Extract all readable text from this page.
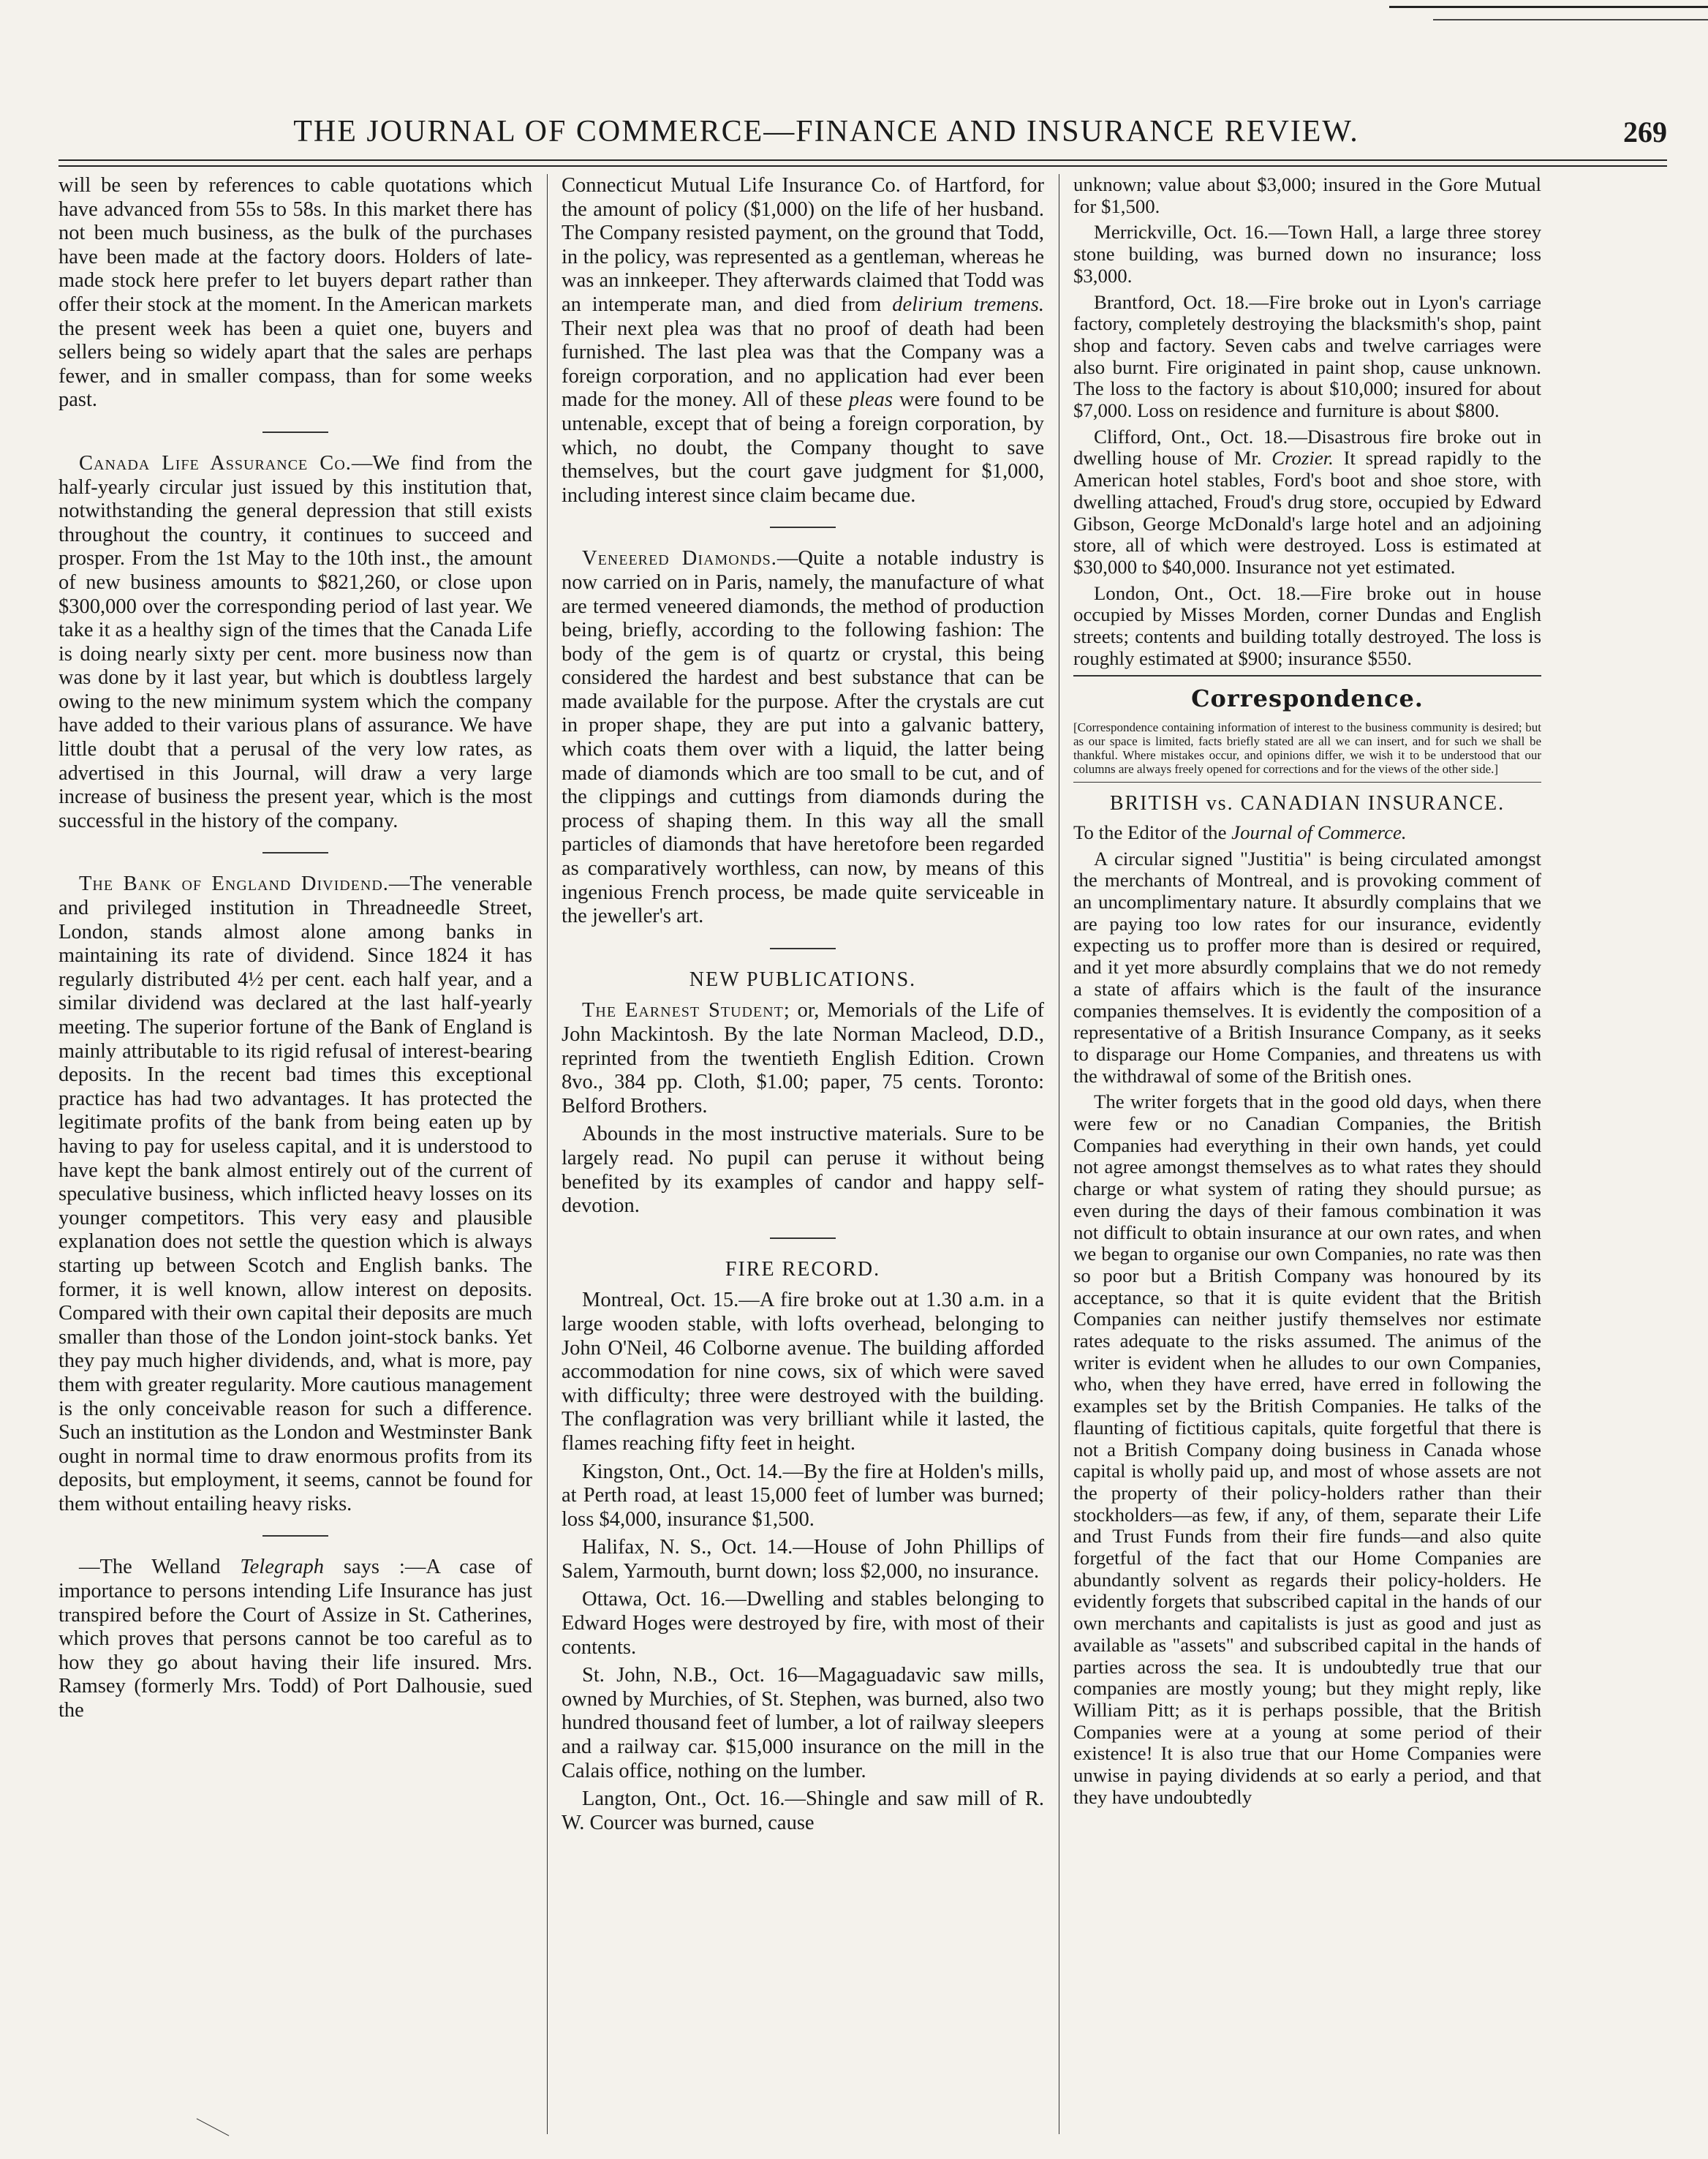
THE JOURNAL OF COMMERCE—FINANCE AND INSURANCE REVIEW.	269

will be seen by references to cable quotations which have advanced from 55s to 58s. In this market there has not been much business, as the bulk of the purchases have been made at the factory doors. Holders of late-made stock here prefer to let buyers depart rather than offer their stock at the moment. In the American markets the present week has been a quiet one, buyers and sellers being so widely apart that the sales are perhaps fewer, and in smaller compass, than for some weeks past.

Canada Life Assurance Co.—We find from the half-yearly circular just issued by this institution that, notwithstanding the general depression that still exists throughout the country, it continues to succeed and prosper. From the 1st May to the 10th inst., the amount of new business amounts to $821,260, or close upon $300,000 over the corresponding period of last year. We take it as a healthy sign of the times that the Canada Life is doing nearly sixty per cent. more business now than was done by it last year, but which is doubtless largely owing to the new minimum system which the company have added to their various plans of assurance. We have little doubt that a perusal of the very low rates, as advertised in this Journal, will draw a very large increase of business the present year, which is the most successful in the history of the company.

The Bank of England Dividend.—The venerable and privileged institution in Threadneedle Street, London, stands almost alone among banks in maintaining its rate of dividend. Since 1824 it has regularly distributed 4½ per cent. each half year, and a similar dividend was declared at the last half-yearly meeting. The superior fortune of the Bank of England is mainly attributable to its rigid refusal of interest-bearing deposits. In the recent bad times this exceptional practice has had two advantages. It has protected the legitimate profits of the bank from being eaten up by having to pay for useless capital, and it is understood to have kept the bank almost entirely out of the current of speculative business, which inflicted heavy losses on its younger competitors. This very easy and plausible explanation does not settle the question which is always starting up between Scotch and English banks. The former, it is well known, allow interest on deposits. Compared with their own capital their deposits are much smaller than those of the London joint-stock banks. Yet they pay much higher dividends, and, what is more, pay them with greater regularity. More cautious management is the only conceivable reason for such a difference. Such an institution as the London and Westminster Bank ought in normal time to draw enormous profits from its deposits, but employment, it seems, cannot be found for them without entailing heavy risks.

—The Welland Telegraph says :—A case of importance to persons intending Life Insurance has just transpired before the Court of Assize in St. Catherines, which proves that persons cannot be too careful as to how they go about having their life insured. Mrs. Ramsey (formerly Mrs. Todd) of Port Dalhousie, sued the

Connecticut Mutual Life Insurance Co. of Hartford, for the amount of policy ($1,000) on the life of her husband. The Company resisted payment, on the ground that Todd, in the policy, was represented as a gentleman, whereas he was an innkeeper. They afterwards claimed that Todd was an intemperate man, and died from delirium tremens. Their next plea was that no proof of death had been furnished. The last plea was that the Company was a foreign corporation, and no application had ever been made for the money. All of these pleas were found to be untenable, except that of being a foreign corporation, by which, no doubt, the Company thought to save themselves, but the court gave judgment for $1,000, including interest since claim became due.

Veneered Diamonds.—Quite a notable industry is now carried on in Paris, namely, the manufacture of what are termed veneered diamonds, the method of production being, briefly, according to the following fashion: The body of the gem is of quartz or crystal, this being considered the hardest and best substance that can be made available for the purpose. After the crystals are cut in proper shape, they are put into a galvanic battery, which coats them over with a liquid, the latter being made of diamonds which are too small to be cut, and of the clippings and cuttings from diamonds during the process of shaping them. In this way all the small particles of diamonds that have heretofore been regarded as comparatively worthless, can now, by means of this ingenious French process, be made quite serviceable in the jeweller's art.

NEW PUBLICATIONS.

The Earnest Student; or, Memorials of the Life of John Mackintosh. By the late Norman Macleod, D.D., reprinted from the twentieth English Edition. Crown 8vo., 384 pp. Cloth, $1.00; paper, 75 cents. Toronto: Belford Brothers.

Abounds in the most instructive materials. Sure to be largely read. No pupil can peruse it without being benefited by its examples of candor and happy self-devotion.

FIRE RECORD.

Montreal, Oct. 15.—A fire broke out at 1.30 a.m. in a large wooden stable, with lofts overhead, belonging to John O'Neil, 46 Colborne avenue. The building afforded accommodation for nine cows, six of which were saved with difficulty; three were destroyed with the building. The conflagration was very brilliant while it lasted, the flames reaching fifty feet in height.

Kingston, Ont., Oct. 14.—By the fire at Holden's mills, at Perth road, at least 15,000 feet of lumber was burned; loss $4,000, insurance $1,500.

Halifax, N. S., Oct. 14.—House of John Phillips of Salem, Yarmouth, burnt down; loss $2,000, no insurance.

Ottawa, Oct. 16.—Dwelling and stables belonging to Edward Hoges were destroyed by fire, with most of their contents.

St. John, N.B., Oct. 16—Magaguadavic saw mills, owned by Murchies, of St. Stephen, was burned, also two hundred thousand feet of lumber, a lot of railway sleepers and a railway car. $15,000 insurance on the mill in the Calais office, nothing on the lumber.

Langton, Ont., Oct. 16.—Shingle and saw mill of R. W. Courcer was burned, cause

unknown; value about $3,000; insured in the Gore Mutual for $1,500.

Merrickville, Oct. 16.—Town Hall, a large three storey stone building, was burned down no insurance; loss $3,000.

Brantford, Oct. 18.—Fire broke out in Lyon's carriage factory, completely destroying the blacksmith's shop, paint shop and factory. Seven cabs and twelve carriages were also burnt. Fire originated in paint shop, cause unknown. The loss to the factory is about $10,000; insured for about $7,000. Loss on residence and furniture is about $800.

Clifford, Ont., Oct. 18.—Disastrous fire broke out in dwelling house of Mr. Crozier. It spread rapidly to the American hotel stables, Ford's boot and shoe store, with dwelling attached, Froud's drug store, occupied by Edward Gibson, George McDonald's large hotel and an adjoining store, all of which were destroyed. Loss is estimated at $30,000 to $40,000. Insurance not yet estimated.

London, Ont., Oct. 18.—Fire broke out in house occupied by Misses Morden, corner Dundas and English streets; contents and building totally destroyed. The loss is roughly estimated at $900; insurance $550.

Correspondence.

[Correspondence containing information of interest to the business community is desired; but as our space is limited, facts briefly stated are all we can insert, and for such we shall be thankful. Where mistakes occur, and opinions differ, we wish it to be understood that our columns are always freely opened for corrections and for the views of the other side.]

BRITISH vs. CANADIAN INSURANCE.

To the Editor of the Journal of Commerce.

A circular signed "Justitia" is being circulated amongst the merchants of Montreal, and is provoking comment of an uncomplimentary nature. It absurdly complains that we are paying too low rates for our insurance, evidently expecting us to proffer more than is desired or required, and it yet more absurdly complains that we do not remedy a state of affairs which is the fault of the insurance companies themselves. It is evidently the composition of a representative of a British Insurance Company, as it seeks to disparage our Home Companies, and threatens us with the withdrawal of some of the British ones.

The writer forgets that in the good old days, when there were few or no Canadian Companies, the British Companies had everything in their own hands, yet could not agree amongst themselves as to what rates they should charge or what system of rating they should pursue; as even during the days of their famous combination it was not difficult to obtain insurance at our own rates, and when we began to organise our own Companies, no rate was then so poor but a British Company was honoured by its acceptance, so that it is quite evident that the British Companies can neither justify themselves nor estimate rates adequate to the risks assumed. The animus of the writer is evident when he alludes to our own Companies, who, when they have erred, have erred in following the examples set by the British Companies. He talks of the flaunting of fictitious capitals, quite forgetful that there is not a British Company doing business in Canada whose capital is wholly paid up, and most of whose assets are not the property of their policy-holders rather than their stockholders—as few, if any, of them, separate their Life and Trust Funds from their fire funds—and also quite forgetful of the fact that our Home Companies are abundantly solvent as regards their policy-holders. He evidently forgets that subscribed capital in the hands of our own merchants and capitalists is just as good and just as available as "assets" and subscribed capital in the hands of parties across the sea. It is undoubtedly true that our companies are mostly young; but they might reply, like William Pitt; as it is perhaps possible, that the British Companies were at a young at some period of their existence! It is also true that our Home Companies were unwise in paying dividends at so early a period, and that they have undoubtedly
